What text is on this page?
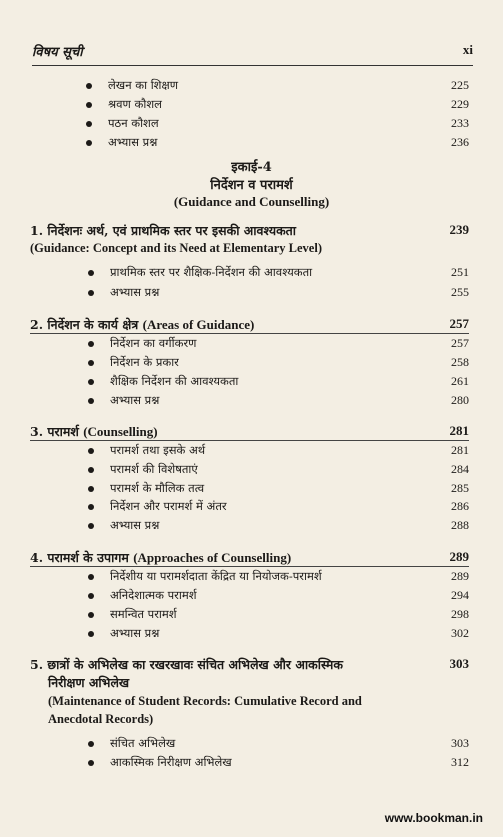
विषय सूची	xi
लेखन का शिक्षण	225
श्रवण कौशल	229
पठन कौशल	233
अभ्यास प्रश्न	236
इकाई-4
निर्देशन व परामर्श
(Guidance and Counselling)
1. निर्देशनः अर्थ, एवं प्राथमिक स्तर पर इसकी आवश्यकता	239
(Guidance: Concept and its Need at Elementary Level)
प्राथमिक स्तर पर शैक्षिक-निर्देशन की आवश्यकता	251
अभ्यास प्रश्न	255
2. निर्देशन के कार्य क्षेत्र (Areas of Guidance)	257
निर्देशन का वर्गीकरण	257
निर्देशन के प्रकार	258
शैक्षिक निर्देशन की आवश्यकता	261
अभ्यास प्रश्न	280
3. परामर्श (Counselling)	281
परामर्श तथा इसके अर्थ	281
परामर्श की विशेषताएं	284
परामर्श के मौलिक तत्व	285
निर्देशन और परामर्श में अंतर	286
अभ्यास प्रश्न	288
4. परामर्श के उपागम (Approaches of Counselling)	289
निर्देशीय या परामर्शदाता केंद्रित या नियोजक-परामर्श	289
अनिदेशात्मक परामर्श	294
समन्वित परामर्श	298
अभ्यास प्रश्न	302
5. छात्रों के अभिलेख का रखरखावः संचित अभिलेख और आकस्मिक	303
निरीक्षण अभिलेख
(Maintenance of Student Records: Cumulative Record and
Anecdotal Records)
संचित अभिलेख	303
आकस्मिक निरीक्षण अभिलेख	312
www.bookman.in
